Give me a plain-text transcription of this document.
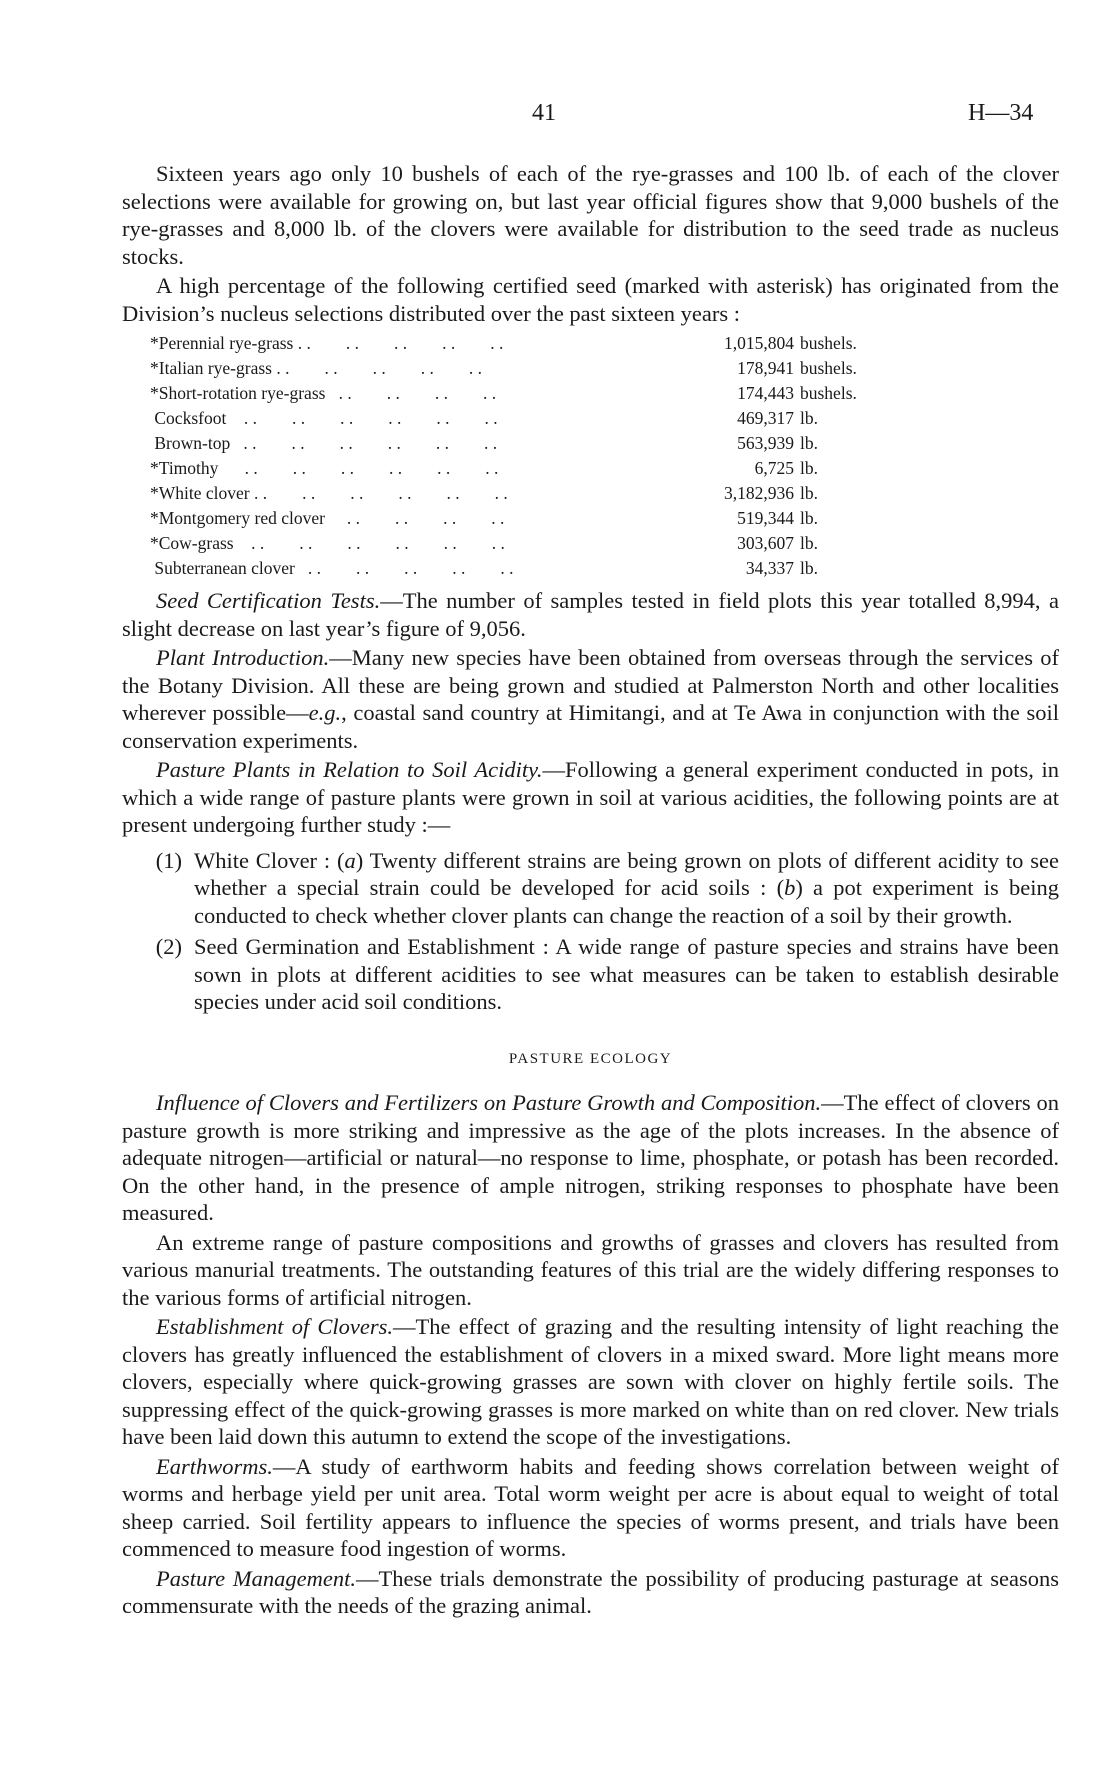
41	H—34

Sixteen years ago only 10 bushels of each of the rye-grasses and 100 lb. of each of the clover selections were available for growing on, but last year official figures show that 9,000 bushels of the rye-grasses and 8,000 lb. of the clovers were available for distribution to the seed trade as nucleus stocks.

A high percentage of the following certified seed (marked with asterisk) has originated from the Division’s nucleus selections distributed over the past sixteen years :

*Perennial rye-grass . .        . .        . .        . .        . .	1,015,804 bushels.
*Italian rye-grass . .        . .        . .        . .        . .	178,941 bushels.
*Short-rotation rye-grass   . .        . .        . .        . .	174,443 bushels.
Cocksfoot    . .        . .        . .        . .        . .        . .	469,317 lb.
Brown-top   . .        . .        . .        . .        . .        . .	563,939 lb.
*Timothy      . .        . .        . .        . .        . .        . .	6,725 lb.
*White clover . .        . .        . .        . .        . .        . .	3,182,936 lb.
*Montgomery red clover     . .        . .        . .        . .	519,344 lb.
*Cow-grass    . .        . .        . .        . .        . .        . .	303,607 lb.
Subterranean clover   . .        . .        . .        . .        . .	34,337 lb.

Seed Certification Tests.—The number of samples tested in field plots this year totalled 8,994, a slight decrease on last year’s figure of 9,056.

Plant Introduction.—Many new species have been obtained from overseas through the services of the Botany Division. All these are being grown and studied at Palmerston North and other localities wherever possible—e.g., coastal sand country at Himitangi, and at Te Awa in conjunction with the soil conservation experiments.

Pasture Plants in Relation to Soil Acidity.—Following a general experiment conducted in pots, in which a wide range of pasture plants were grown in soil at various acidities, the following points are at present undergoing further study :—

(1) White Clover : (a) Twenty different strains are being grown on plots of different acidity to see whether a special strain could be developed for acid soils : (b) a pot experiment is being conducted to check whether clover plants can change the reaction of a soil by their growth.
(2) Seed Germination and Establishment : A wide range of pasture species and strains have been sown in plots at different acidities to see what measures can be taken to establish desirable species under acid soil conditions.
PASTURE ECOLOGY

Influence of Clovers and Fertilizers on Pasture Growth and Composition.—The effect of clovers on pasture growth is more striking and impressive as the age of the plots increases. In the absence of adequate nitrogen—artificial or natural—no response to lime, phosphate, or potash has been recorded. On the other hand, in the presence of ample nitrogen, striking responses to phosphate have been measured.

An extreme range of pasture compositions and growths of grasses and clovers has resulted from various manurial treatments. The outstanding features of this trial are the widely differing responses to the various forms of artificial nitrogen.

Establishment of Clovers.—The effect of grazing and the resulting intensity of light reaching the clovers has greatly influenced the establishment of clovers in a mixed sward. More light means more clovers, especially where quick-growing grasses are sown with clover on highly fertile soils. The suppressing effect of the quick-growing grasses is more marked on white than on red clover. New trials have been laid down this autumn to extend the scope of the investigations.

Earthworms.—A study of earthworm habits and feeding shows correlation between weight of worms and herbage yield per unit area. Total worm weight per acre is about equal to weight of total sheep carried. Soil fertility appears to influence the species of worms present, and trials have been commenced to measure food ingestion of worms.

Pasture Management.—These trials demonstrate the possibility of producing pasturage at seasons commensurate with the needs of the grazing animal.
